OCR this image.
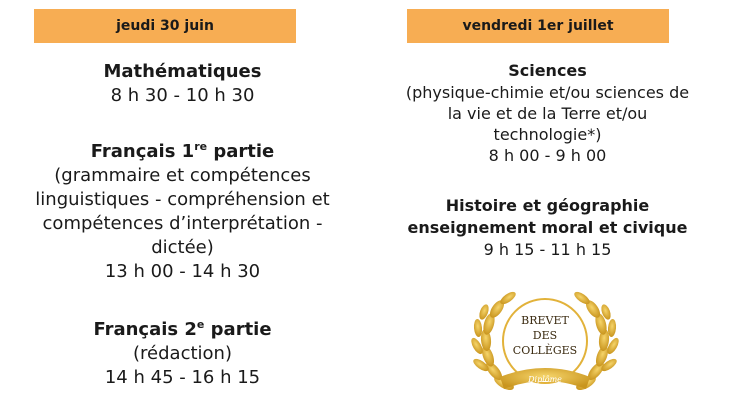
jeudi 30 juin	vendredi 1er juillet
Mathématiques
8 h 30 - 10 h 30
Français 1re partie
(grammaire et compétences
linguistiques - compréhension et
compétences d’interprétation -
dictée)
13 h 00 - 14 h 30
Français 2e partie
(rédaction)
14 h 45 - 16 h 15
Sciences
(physique-chimie et/ou sciences de
la vie et de la Terre et/ou
technologie*)
8 h 00 - 9 h 00
Histoire et géographie
enseignement moral et civique
9 h 15 - 11 h 15
BREVET
DES
COLLÈGES
Diplôme
